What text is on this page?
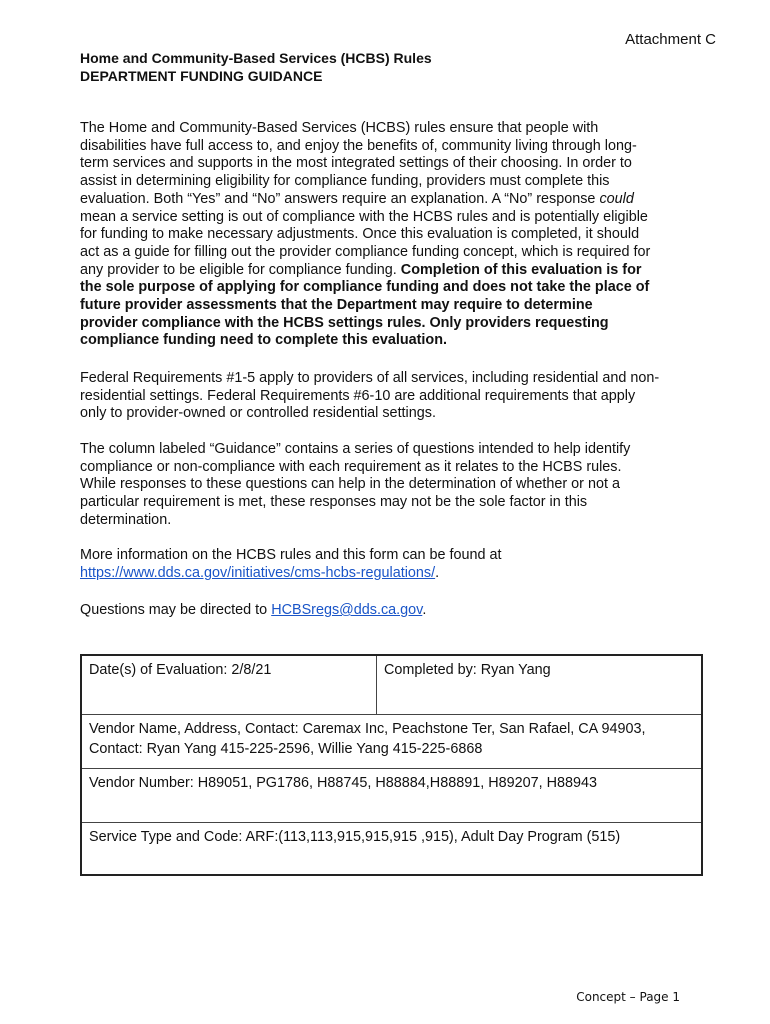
Attachment C
Home and Community-Based Services (HCBS) Rules
DEPARTMENT FUNDING GUIDANCE
The Home and Community-Based Services (HCBS) rules ensure that people with
disabilities have full access to, and enjoy the benefits of, community living through long-
term services and supports in the most integrated settings of their choosing. In order to
assist in determining eligibility for compliance funding, providers must complete this
evaluation. Both “Yes” and “No” answers require an explanation. A “No” response could
mean a service setting is out of compliance with the HCBS rules and is potentially eligible
for funding to make necessary adjustments. Once this evaluation is completed, it should
act as a guide for filling out the provider compliance funding concept, which is required for
any provider to be eligible for compliance funding. Completion of this evaluation is for
the sole purpose of applying for compliance funding and does not take the place of
future provider assessments that the Department may require to determine
provider compliance with the HCBS settings rules. Only providers requesting
compliance funding need to complete this evaluation.
Federal Requirements #1-5 apply to providers of all services, including residential and non-
residential settings. Federal Requirements #6-10 are additional requirements that apply
only to provider-owned or controlled residential settings.
The column labeled “Guidance” contains a series of questions intended to help identify
compliance or non-compliance with each requirement as it relates to the HCBS rules.
While responses to these questions can help in the determination of whether or not a
particular requirement is met, these responses may not be the sole factor in this
determination.
More information on the HCBS rules and this form can be found at
https://www.dds.ca.gov/initiatives/cms-hcbs-regulations/.
Questions may be directed to HCBSregs@dds.ca.gov.
Date(s) of Evaluation: 2/8/21	Completed by: Ryan Yang
Vendor Name, Address, Contact: Caremax Inc, Peachstone Ter, San Rafael, CA 94903,
Contact: Ryan Yang 415-225-2596, Willie Yang 415-225-6868
Vendor Number: H89051, PG1786, H88745, H88884,H88891, H89207, H88943
Service Type and Code: ARF:(113,113,915,915,915 ,915), Adult Day Program (515)
Concept – Page 1
